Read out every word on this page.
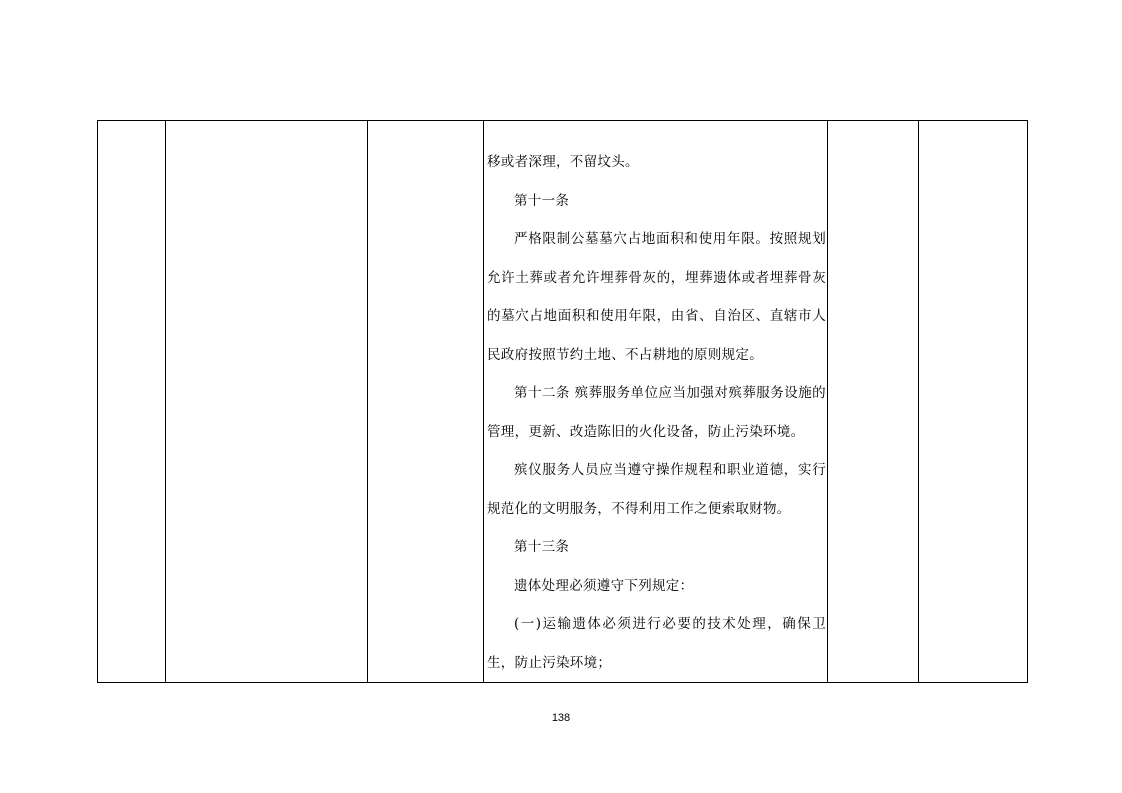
移或者深理，不留坟头。

第十一条

严格限制公墓墓穴占地面积和使用年限。按照规划允许土葬或者允许埋葬骨灰的，埋葬遗体或者埋葬骨灰的墓穴占地面积和使用年限，由省、自治区、直辖市人民政府按照节约土地、不占耕地的原则规定。

第十二条 殡葬服务单位应当加强对殡葬服务设施的管理，更新、改造陈旧的火化设备，防止污染环境。

殡仪服务人员应当遵守操作规程和职业道德，实行规范化的文明服务，不得利用工作之便索取财物。

第十三条

遗体处理必须遵守下列规定：

(一)运输遗体必须进行必要的技术处理，确保卫生，防止污染环境；

138
